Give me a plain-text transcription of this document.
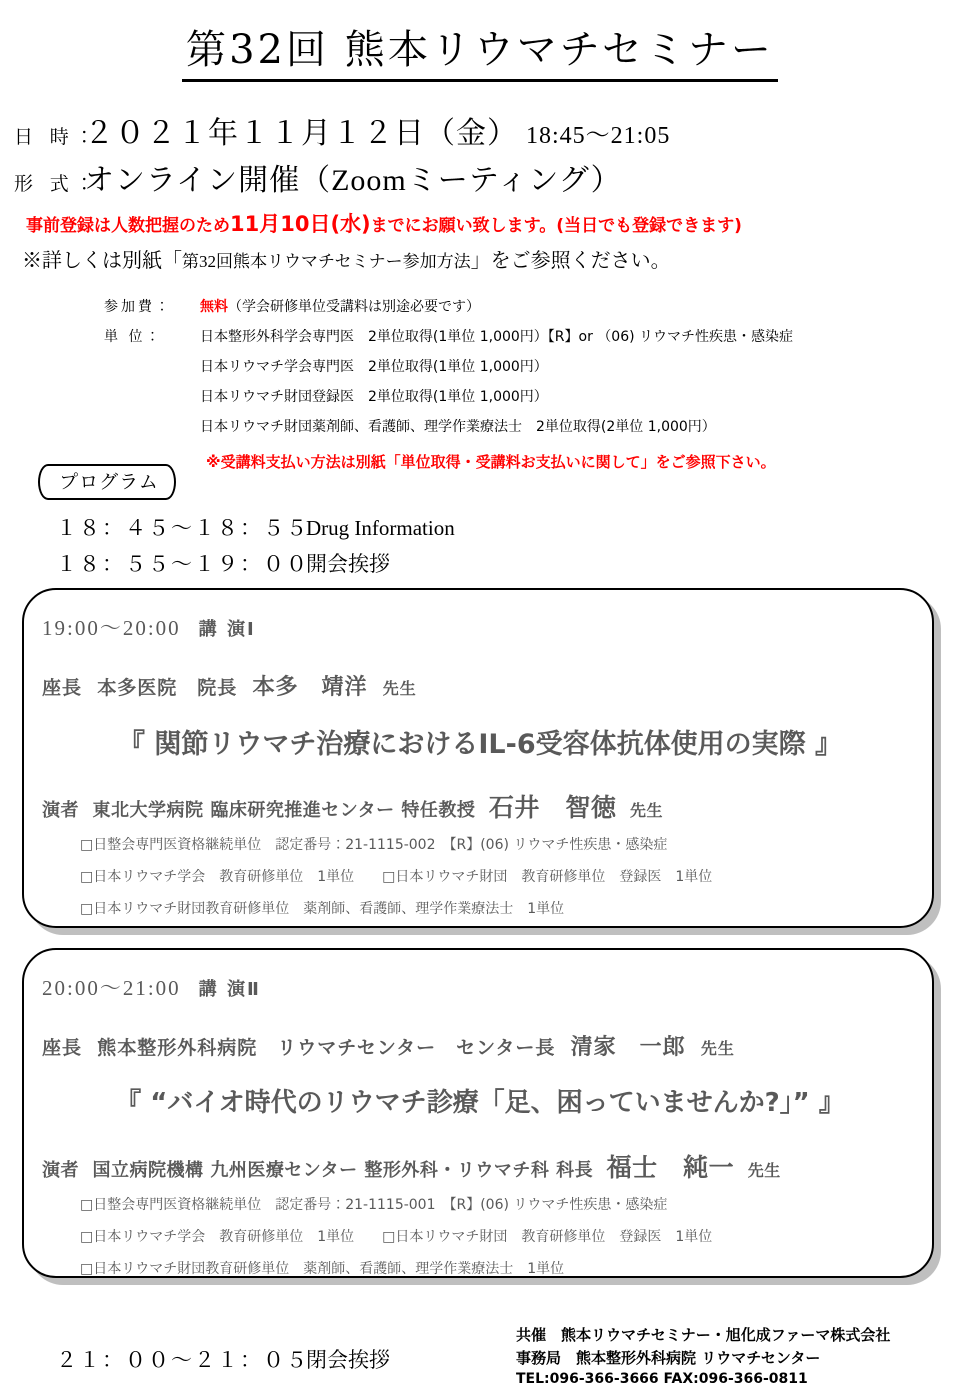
第32回 熊本リウマチセミナー
日 時：
２０２１年１１月１２日（金） 18:45～21:05
形 式：
オンライン開催（Zoomミーティング）
事前登録は人数把握のため11月10日(水)までにお願い致します。(当日でも登録できます)
※詳しくは別紙「第32回熊本リウマチセミナー参加方法」をご参照ください。
参加費：	無料（学会研修単位受講料は別途必要です）
単 位：	日本整形外科学会専門医　2単位取得(1単位 1,000円）【R】or （06) リウマチ性疾患・感染症
日本リウマチ学会専門医　2単位取得(1単位 1,000円）
日本リウマチ財団登録医　2単位取得(1単位 1,000円）
日本リウマチ財団薬剤師、看護師、理学作業療法士　2単位取得(2単位 1,000円）
※受講料支払い方法は別紙「単位取得・受講料お支払いに関して」をご参照下さい。
プログラム
１８：４５～１８：５５Drug Information
１８：５５～１９：００開会挨拶
19:00～20:00 講 演Ⅰ
座長 本多医院　院長 本多　靖洋 先生
『 関節リウマチ治療におけるIL-6受容体抗体使用の実際 』
演者 東北大学病院 臨床研究推進センター 特任教授 石井　智徳 先生
□日整会専門医資格継続単位　認定番号：21-1115-002　【R】(06) リウマチ性疾患・感染症
□日本リウマチ学会　教育研修単位　1単位　　□日本リウマチ財団　教育研修単位　登録医　1単位
□日本リウマチ財団教育研修単位　薬剤師、看護師、理学作業療法士　1単位
20:00～21:00 講 演Ⅱ
座長 熊本整形外科病院　リウマチセンター　センター長 清家　一郎 先生
『 “バイオ時代のリウマチ診療「足、困っていませんか?」” 』
演者 国立病院機構 九州医療センター 整形外科・リウマチ科 科長 福士　純一 先生
□日整会専門医資格継続単位　認定番号：21-1115-001　【R】(06) リウマチ性疾患・感染症
□日本リウマチ学会　教育研修単位　1単位　　□日本リウマチ財団　教育研修単位　登録医　1単位
□日本リウマチ財団教育研修単位　薬剤師、看護師、理学作業療法士　1単位
２１：００～２１：０５閉会挨拶
共催　熊本リウマチセミナー・旭化成ファーマ株式会社
事務局　熊本整形外科病院 リウマチセンター
TEL:096-366-3666 FAX:096-366-0811
